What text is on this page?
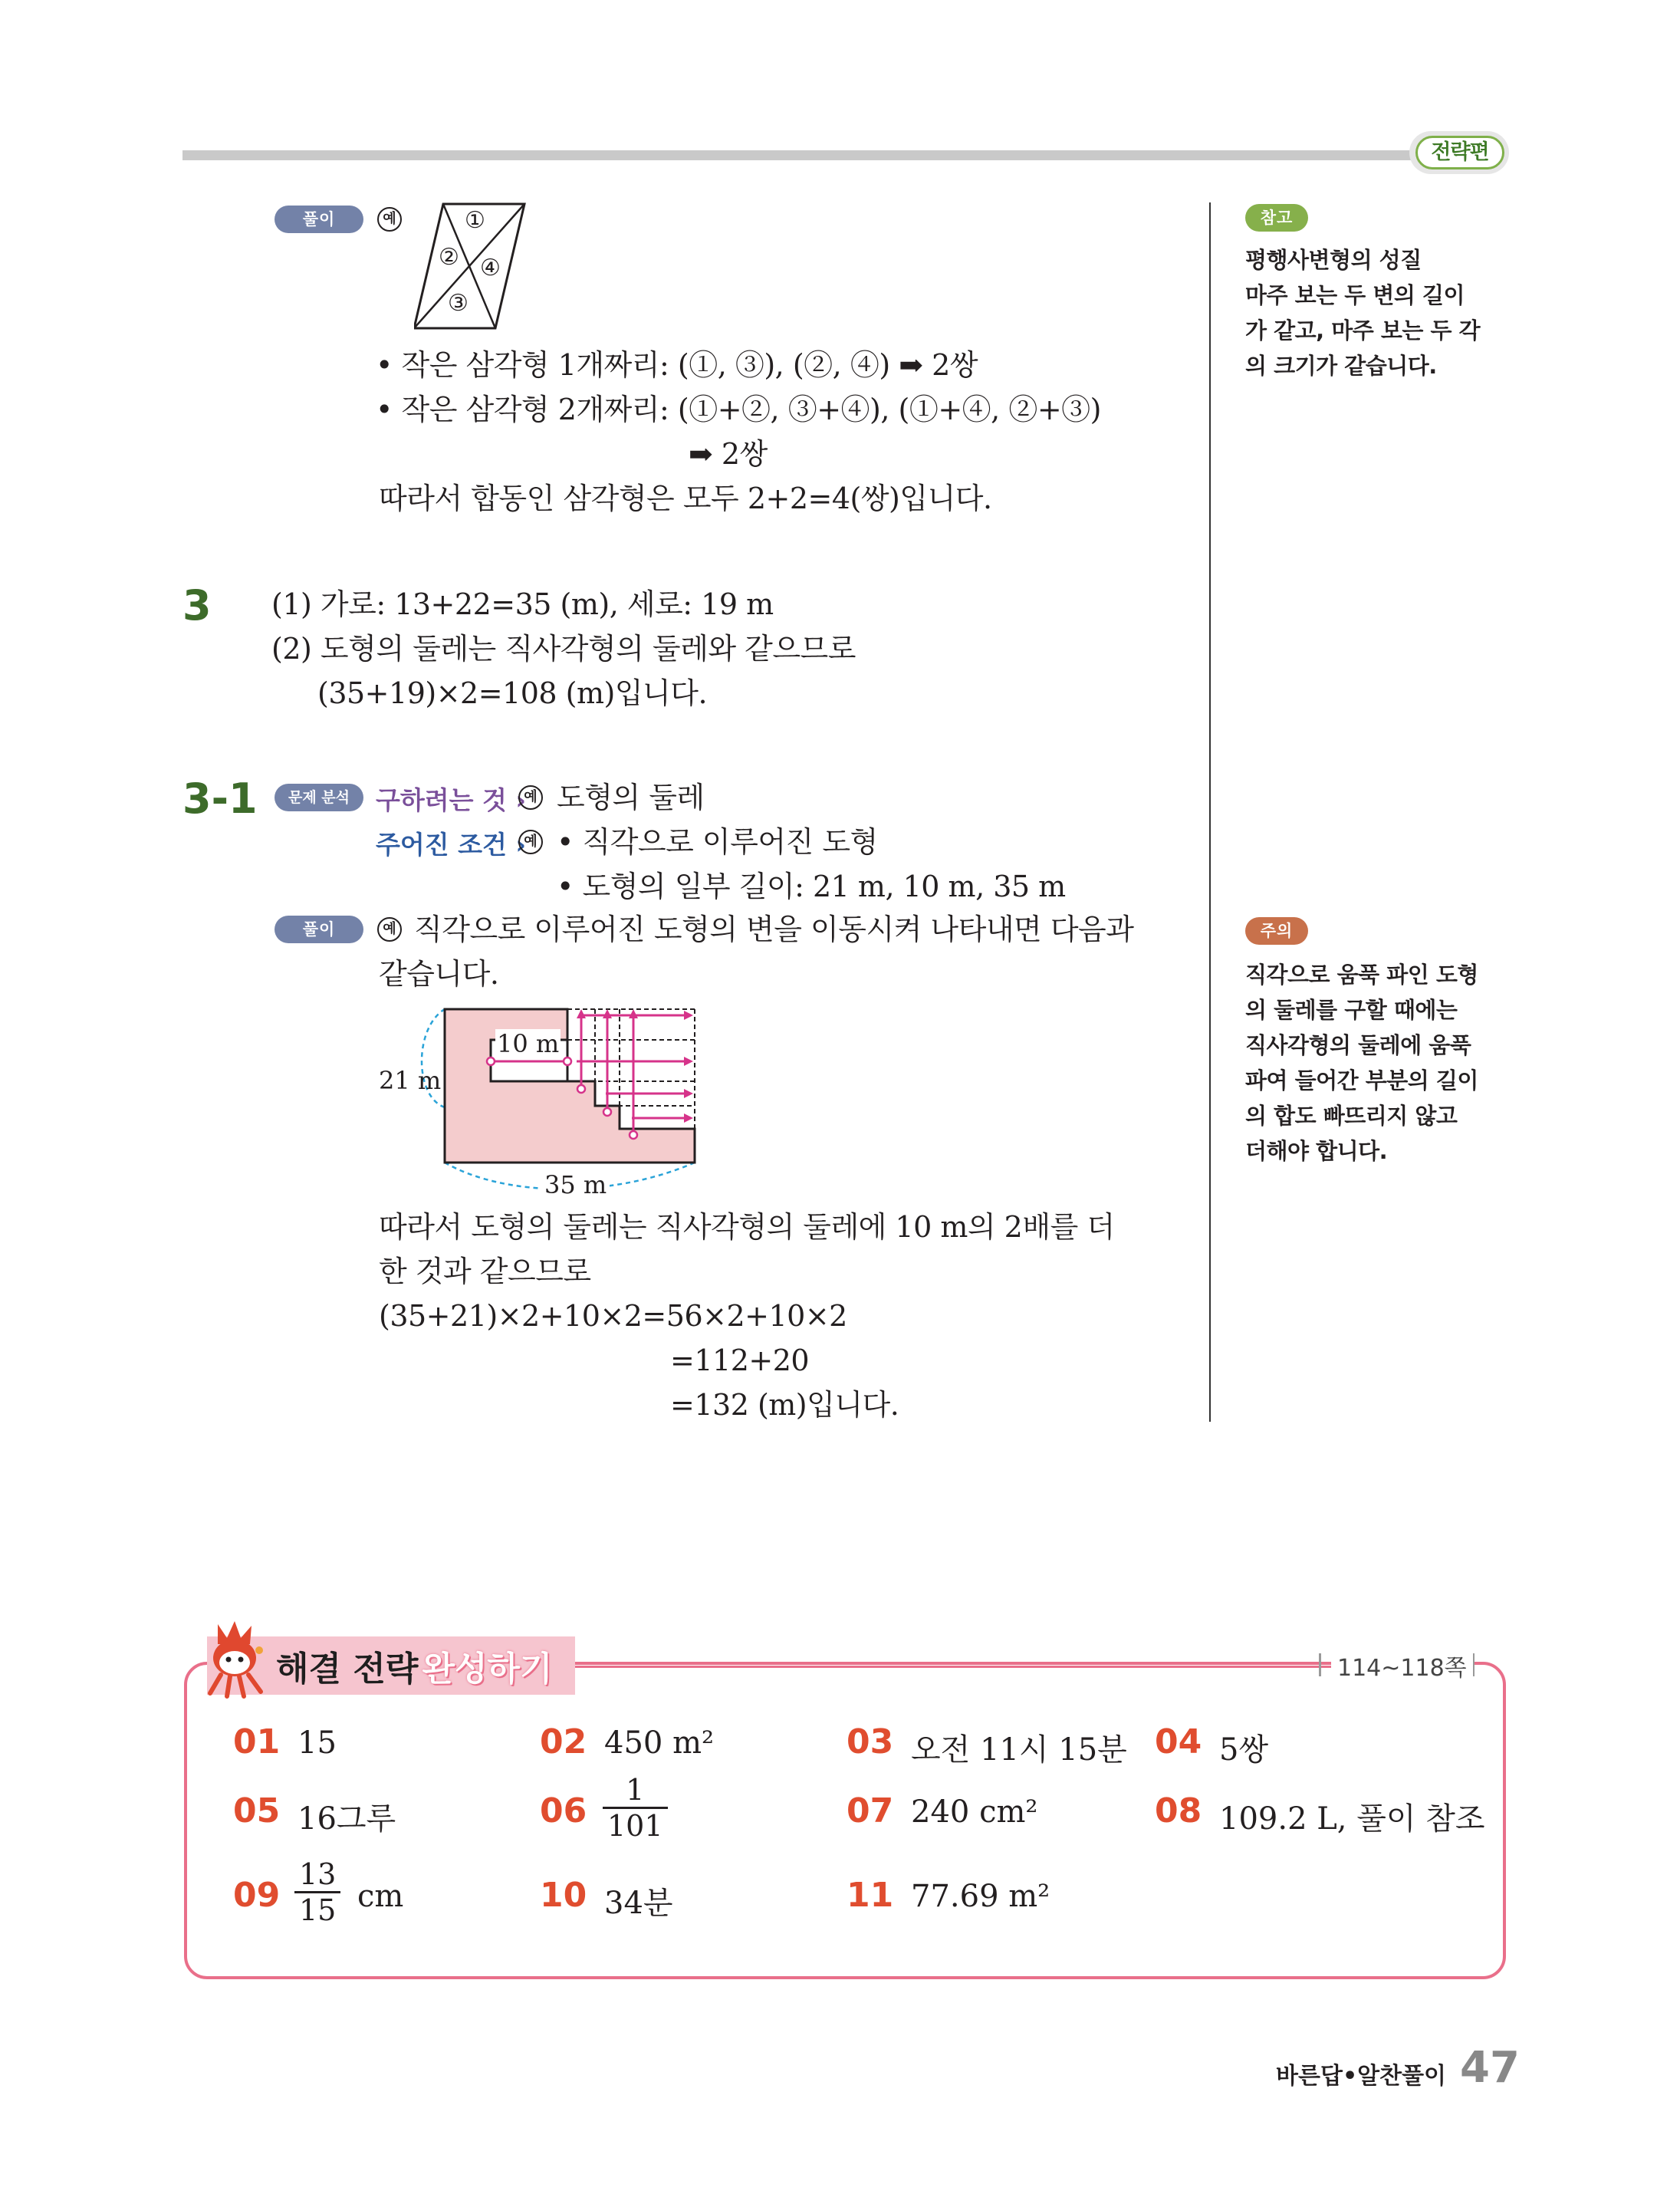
전략편
풀이	예	①
② ④
③
• 작은 삼각형 1개짜리: (①, ③), (②, ④) ➡ 2쌍
• 작은 삼각형 2개짜리: (①+②, ③+④), (①+④, ②+③)
➡ 2쌍
따라서 합동인 삼각형은 모두 2+2=4(쌍)입니다.
3 (1) 가로: 13+22=35 (m), 세로: 19 m
(2) 도형의 둘레는 직사각형의 둘레와 같으므로
(35+19)×2=108 (m)입니다.
3-1	문제 분석	구하려는 것 ›
예 도형의 둘레
주어진 조건 ›
예 • 직각으로 이루어진 도형
• 도형의 일부 길이: 21 m, 10 m, 35 m
풀이	예 직각으로 이루어진 도형의 변을 이동시켜 나타내면 다음과
같습니다.
10 m
21 m
35 m
따라서 도형의 둘레는 직사각형의 둘레에 10 m의 2배를 더
한 것과 같으므로
(35+21)×2+10×2=56×2+10×2
=112+20
=132 (m)입니다.
참고
평행사변형의 성질
마주 보는 두 변의 길이
가 같고, 마주 보는 두 각
의 크기가 같습니다.
주의
직각으로 움푹 파인 도형
의 둘레를 구할 때에는
직사각형의 둘레에 움푹
파여 들어간 부분의 길이
의 합도 빠뜨리지 않고
더해야 합니다.
해결 전략 완성하기	114~118쪽
01 15	02 450 m²	03 오전 11시 15분 04 5쌍
05 16그루	$06 \frac{1}{101}$	07 240 cm²	08 109.2 L, 풀이 참조
$09 \frac{13}{15}$ cm	10 34분	11 77.69 m²
바른답•알찬풀이 47
